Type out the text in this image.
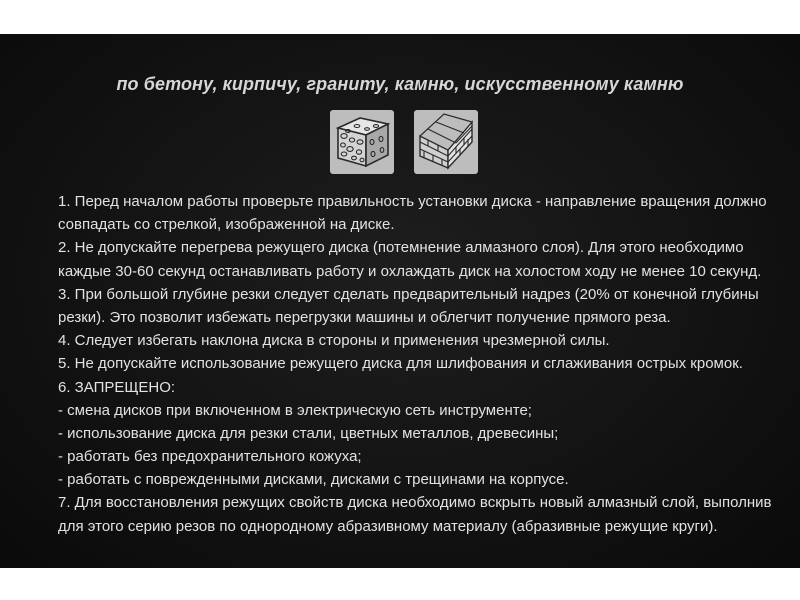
по бетону, кирпичу, граниту, камню, искусственному камню
1. Перед началом работы проверьте правильность установки диска - направление вращения должно
совпадать со стрелкой, изображенной на диске.
2. Не допускайте перегрева режущего диска (потемнение алмазного слоя). Для этого необходимо
каждые 30-60 секунд останавливать работу и охлаждать диск на холостом ходу не менее 10 секунд.
3. При большой глубине резки следует сделать предварительный надрез (20% от конечной глубины
резки). Это позволит избежать перегрузки машины и облегчит получение прямого реза.
4. Следует избегать наклона диска в стороны и применения чрезмерной силы.
5. Не допускайте использование режущего диска для шлифования и сглаживания острых кромок.
6. ЗАПРЕЩЕНО:
- смена дисков при включенном в электрическую сеть инструменте;
- использование диска для резки стали, цветных металлов, древесины;
- работать без предохранительного кожуха;
- работать с поврежденными дисками, дисками с трещинами на корпусе.
7. Для восстановления режущих свойств диска необходимо вскрыть новый алмазный слой, выполнив
для этого серию резов по однородному абразивному материалу (абразивные режущие круги).
